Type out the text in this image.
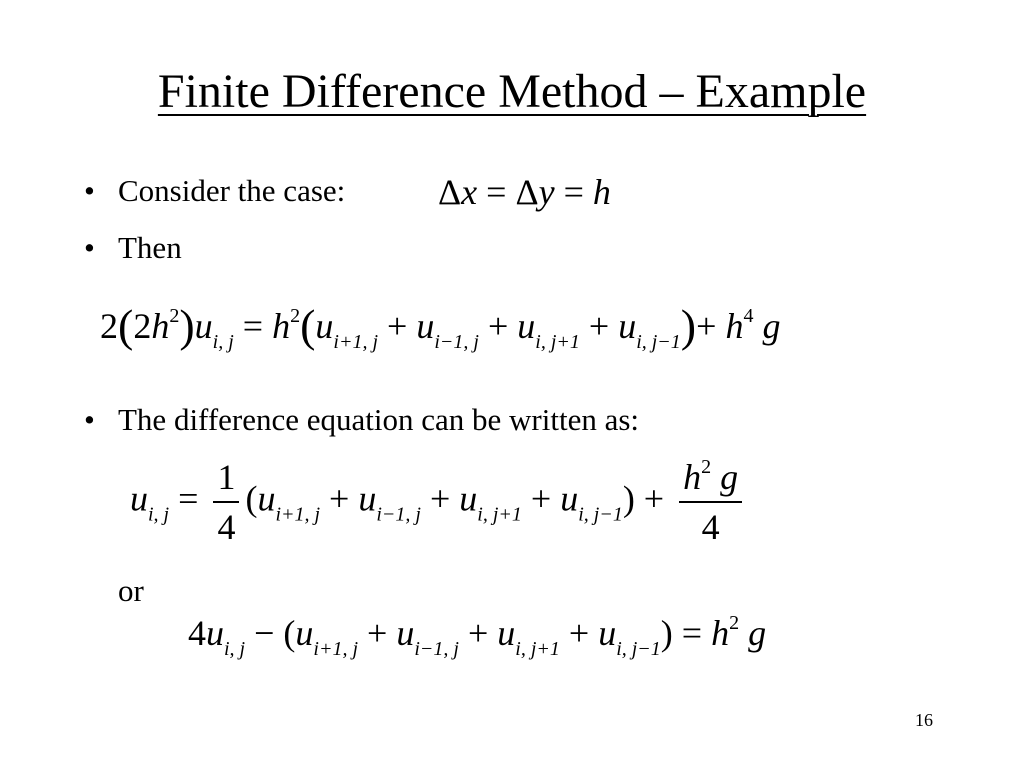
Finite Difference Method – Example
• Consider the case:
• Then
• The difference equation can be written as:
or
Δx = Δy = h
$2(2h^2)u_{i, j} = h^2(u_{i+1, j} + u_{i-1, j} + u_{i, j+1} + u_{i, j-1})+ h^4$ g
$u_{i, j} = \frac{1}{4} (u_{i+1, j} + u_{i-1, j} + u_{i, j+1} + u_{i, j-1}) + \frac{h^2 g}{4}$
$4u_{i, j} - (u_{i+1, j} + u_{i-1, j} + u_{i, j+1} + u_{i, j-1}) = h^2$ g
16
